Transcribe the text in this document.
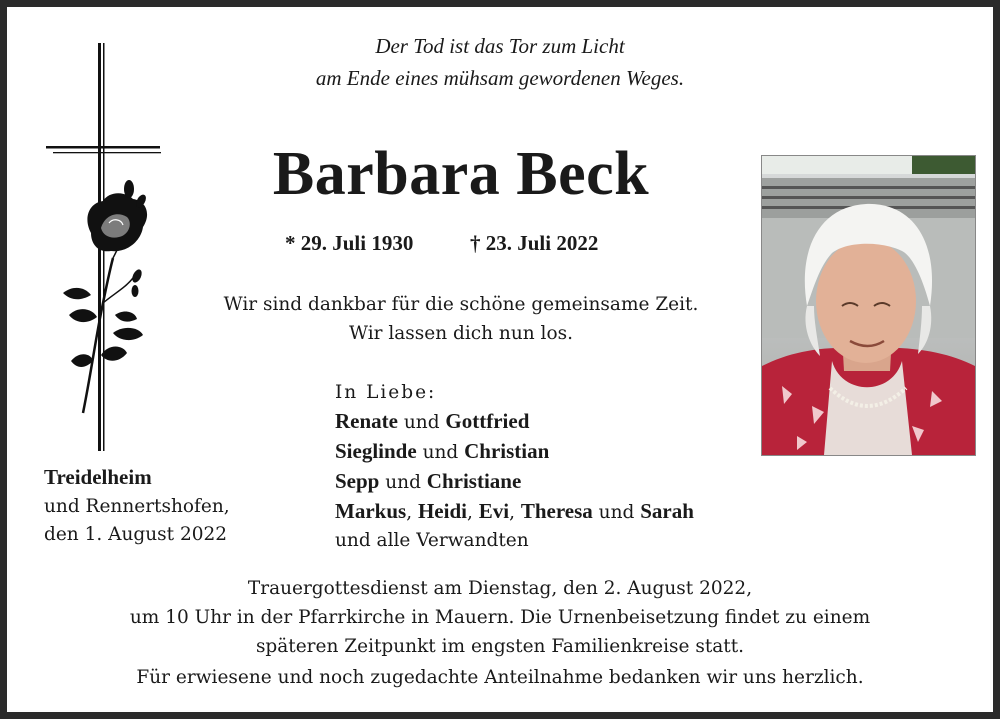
Der Tod ist das Tor zum Licht
am Ende eines mühsam gewordenen Weges.
Barbara Beck
* 29. Juli 1930	† 23. Juli 2022
Wir sind dankbar für die schöne gemeinsame Zeit.
Wir lassen dich nun los.
In Liebe:
Renate und Gottfried
Sieglinde und Christian
Sepp und Christiane
Markus, Heidi, Evi, Theresa und Sarah
und alle Verwandten
Treidelheim
und Rennertshofen,
den 1. August 2022
Trauergottesdienst am Dienstag, den 2. August 2022,
um 10 Uhr in der Pfarrkirche in Mauern. Die Urnenbeisetzung findet zu einem
späteren Zeitpunkt im engsten Familienkreise statt.
Für erwiesene und noch zugedachte Anteilnahme bedanken wir uns herzlich.
